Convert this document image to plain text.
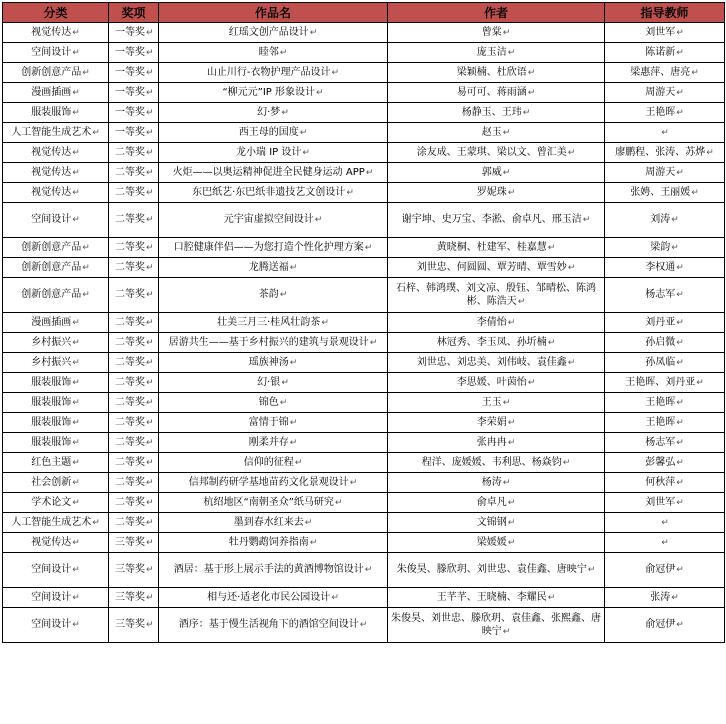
分类	奖项	作品名	作者	指导教师
视觉传达↵	一等奖↵	红瑶文创产品设计↵	曾棠↵	刘世军↵
空间设计↵	一等奖↵	睦邻↵	庞玉洁↵	陈诺新↵
创新创意产品↵	一等奖↵	山止川行-衣物护理产品设计↵	梁颖楠、杜欣语↵	梁惠萍、唐亮↵
漫画插画↵	一等奖↵	“柳元元”IP 形象设计↵	易可可、蒋雨涵↵	周游天↵
服装服饰↵	一等奖↵	幻·梦↵	杨静玉、王玮↵	王艳晖↵
人工智能生成艺术↵	一等奖↵	西王母的国度↵	赵玉↵	↵
视觉传达↵	二等奖↵	龙小瑞 IP 设计↵	涂友成、王蒙琪、梁以文、曾汇美↵	廖鹏程、张涛、苏烨↵
视觉传达↵	二等奖↵	火炬——以奥运精神促进全民健身运动 APP↵	郭威↵	周游天↵
视觉传达↵	二等奖↵	东巴纸艺·东巴纸非遗技艺文创设计↵	罗妮珠↵	张娉、王丽媛↵
空间设计↵	二等奖↵	元宇宙虚拟空间设计↵	谢宇坤、史万宝、李淞、俞卓凡、邢玉洁↵	刘涛↵
创新创意产品↵	二等奖↵	口腔健康伴侣——为您打造个性化护理方案↵	黄晓桐、杜建军、桂嘉慧↵	梁韵↵
创新创意产品↵	二等奖↵	龙腾送福↵	刘世忠、何圆圆、覃芳晴、覃雪妙↵	李权通↵
创新创意产品↵	二等奖↵	茶韵↵	石梓、韩鸿璞、刘文凉、殷钰、邹晴松、陈鸿彬、陈浩天↵	杨志军↵
漫画插画↵	二等奖↵	壮美三月三·桂风壮韵茶↵	李倩怡↵	刘丹亚↵
乡村振兴↵	二等奖↵	居游共生——基于乡村振兴的建筑与景观设计↵	林冠秀、李玉凤、孙圻楠↵	孙启微↵
乡村振兴↵	二等奖↵	瑶族神汤↵	刘世忠、刘忠美、刘伟岐、袁佳鑫↵	孙凤临↵
服装服饰↵	二等奖↵	幻·银↵	李思媛、叶茵怡↵	王艳晖、刘丹亚↵
服装服饰↵	二等奖↵	锦色↵	王玉↵	王艳晖↵
服装服饰↵	二等奖↵	富情于锦↵	李荣娟↵	王艳晖↵
服装服饰↵	二等奖↵	刚柔并存↵	张冉冉↵	杨志军↵
红色主题↵	二等奖↵	信仰的征程↵	程洋、庞媛媛、韦利思、杨焱钧↵	彭馨弘↵
社会创新↵	二等奖↵	信邦制药研学基地苗药文化景观设计↵	杨涛↵	何秋萍↵
学术论文↵	二等奖↵	杭绍地区“南朝圣众”纸马研究↵	俞卓凡↵	刘世军↵
人工智能生成艺术↵	二等奖↵	墨到春水红来去↵	文锦钢↵	↵
视觉传达↵	三等奖↵	牡丹鹦鹉饲养指南↵	梁媛媛↵	↵
空间设计↵	三等奖↵	酒居：基于形上展示手法的黄酒博物馆设计↵	朱俊昊、滕欣玥、刘世忠、袁佳鑫、唐映宁↵	俞冠伊↵
空间设计↵	三等奖↵	相与还·适老化市民公园设计↵	王芊芊、王晓楠、李耀民↵	张涛↵
空间设计↵	三等奖↵	酒序：基于慢生活视角下的酒馆空间设计↵	朱俊昊、刘世忠、滕欣玥、袁佳鑫、张熙鑫、唐映宁↵	俞冠伊↵
